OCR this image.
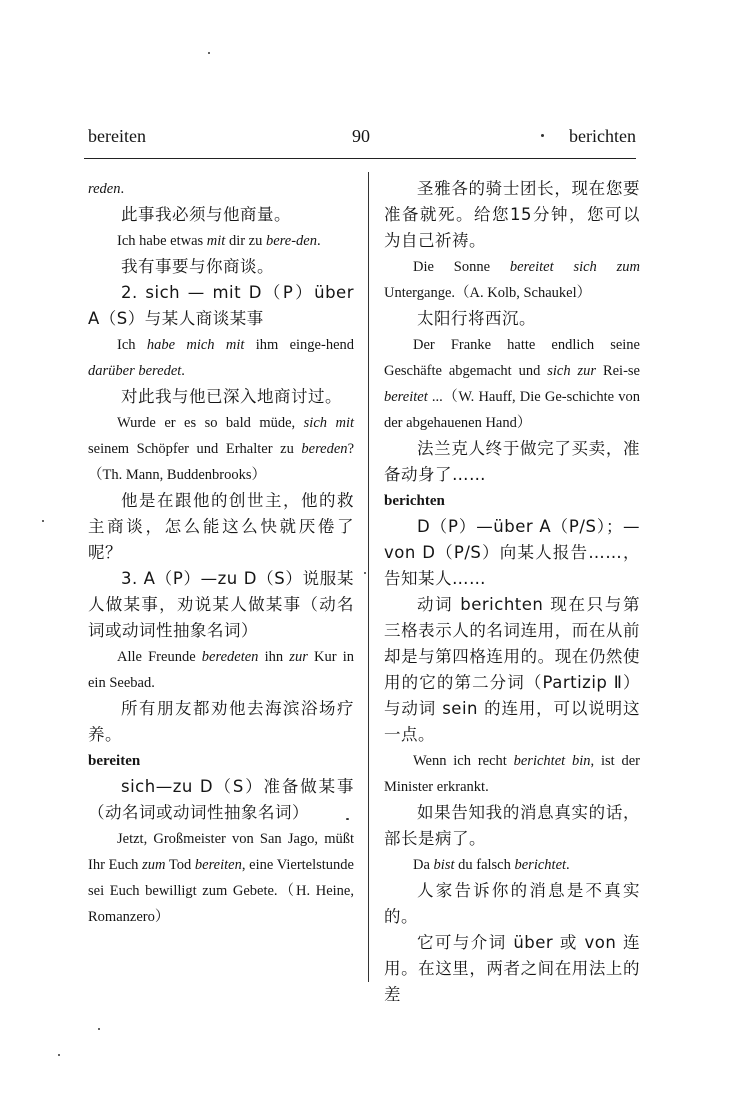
bereiten	90	berichten

reden.

此事我必须与他商量。

Ich habe etwas mit dir zu bere-den.

我有事要与你商谈。

2. sich — mit D（P）über A（S）与某人商谈某事

Ich habe mich mit ihm einge-hend darüber beredet.

对此我与他已深入地商讨过。

Wurde er es so bald müde, sich mit seinem Schöpfer und Erhalter zu bereden?（Th. Mann, Buddenbrooks）

他是在跟他的创世主，他的救主商谈，怎么能这么快就厌倦了呢？

3. A（P）—zu D（S）说服某人做某事，劝说某人做某事（动名词或动词性抽象名词）

Alle Freunde beredeten ihn zur Kur in ein Seebad.

所有朋友都劝他去海滨浴场疗养。

bereiten

sich—zu D（S）准备做某事（动名词或动词性抽象名词）

Jetzt, Großmeister von San Jago, müßt Ihr Euch zum Tod bereiten, eine Viertelstunde sei Euch bewilligt zum Gebete.（H. Heine, Romanzero）

圣雅各的骑士团长，现在您要准备就死。给您15分钟，您可以为自己祈祷。

Die Sonne bereitet sich zum Untergange.（A. Kolb, Schaukel）

太阳行将西沉。

Der Franke hatte endlich seine Geschäfte abgemacht und sich zur Rei-se bereitet ...（W. Hauff, Die Ge-schichte von der abgehauenen Hand）

法兰克人终于做完了买卖，准备动身了……

berichten

D（P）—über A（P/S）；—von D（P/S）向某人报告……，告知某人……

动词 berichten 现在只与第三格表示人的名词连用，而在从前却是与第四格连用的。现在仍然使用的它的第二分词（Partizip Ⅱ）与动词 sein 的连用，可以说明这一点。

Wenn ich recht berichtet bin, ist der Minister erkrankt.

如果告知我的消息真实的话，部长是病了。

Da bist du falsch berichtet.

人家告诉你的消息是不真实的。

它可与介词 über 或 von 连用。在这里，两者之间在用法上的差
